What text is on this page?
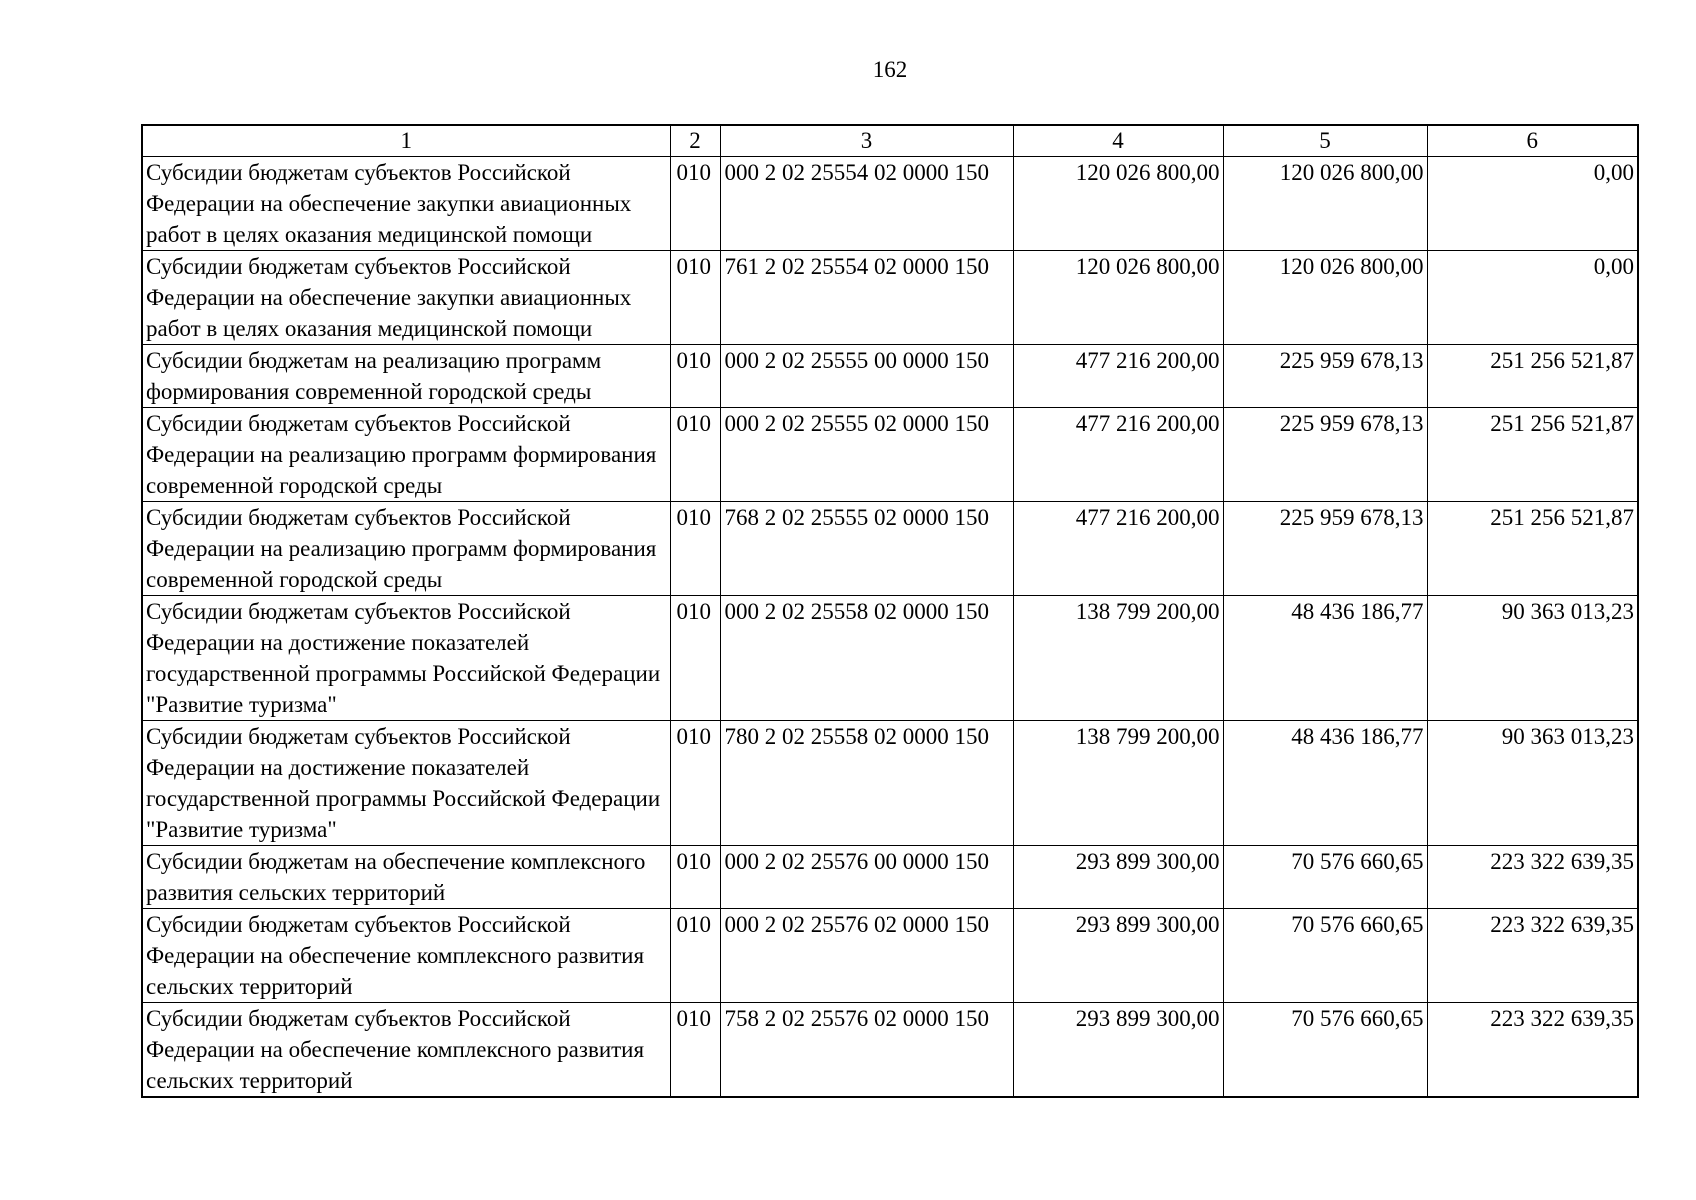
162
1	2	3	4	5	6
Субсидии бюджетам субъектов Российской Федерации на обеспечение закупки авиационных работ в целях оказания медицинской помощи	010	000 2 02 25554 02 0000 150	120 026 800,00	120 026 800,00	0,00
Субсидии бюджетам субъектов Российской Федерации на обеспечение закупки авиационных работ в целях оказания медицинской помощи	010	761 2 02 25554 02 0000 150	120 026 800,00	120 026 800,00	0,00
Субсидии бюджетам на реализацию программ формирования современной городской среды	010	000 2 02 25555 00 0000 150	477 216 200,00	225 959 678,13	251 256 521,87
Субсидии бюджетам субъектов Российской Федерации на реализацию программ формирования современной городской среды	010	000 2 02 25555 02 0000 150	477 216 200,00	225 959 678,13	251 256 521,87
Субсидии бюджетам субъектов Российской Федерации на реализацию программ формирования современной городской среды	010	768 2 02 25555 02 0000 150	477 216 200,00	225 959 678,13	251 256 521,87
Субсидии бюджетам субъектов Российской Федерации на достижение показателей государственной программы Российской Федерации "Развитие туризма"	010	000 2 02 25558 02 0000 150	138 799 200,00	48 436 186,77	90 363 013,23
Субсидии бюджетам субъектов Российской Федерации на достижение показателей государственной программы Российской Федерации "Развитие туризма"	010	780 2 02 25558 02 0000 150	138 799 200,00	48 436 186,77	90 363 013,23
Субсидии бюджетам на обеспечение комплексного развития сельских территорий	010	000 2 02 25576 00 0000 150	293 899 300,00	70 576 660,65	223 322 639,35
Субсидии бюджетам субъектов Российской Федерации на обеспечение комплексного развития сельских территорий	010	000 2 02 25576 02 0000 150	293 899 300,00	70 576 660,65	223 322 639,35
Субсидии бюджетам субъектов Российской Федерации на обеспечение комплексного развития сельских территорий	010	758 2 02 25576 02 0000 150	293 899 300,00	70 576 660,65	223 322 639,35
